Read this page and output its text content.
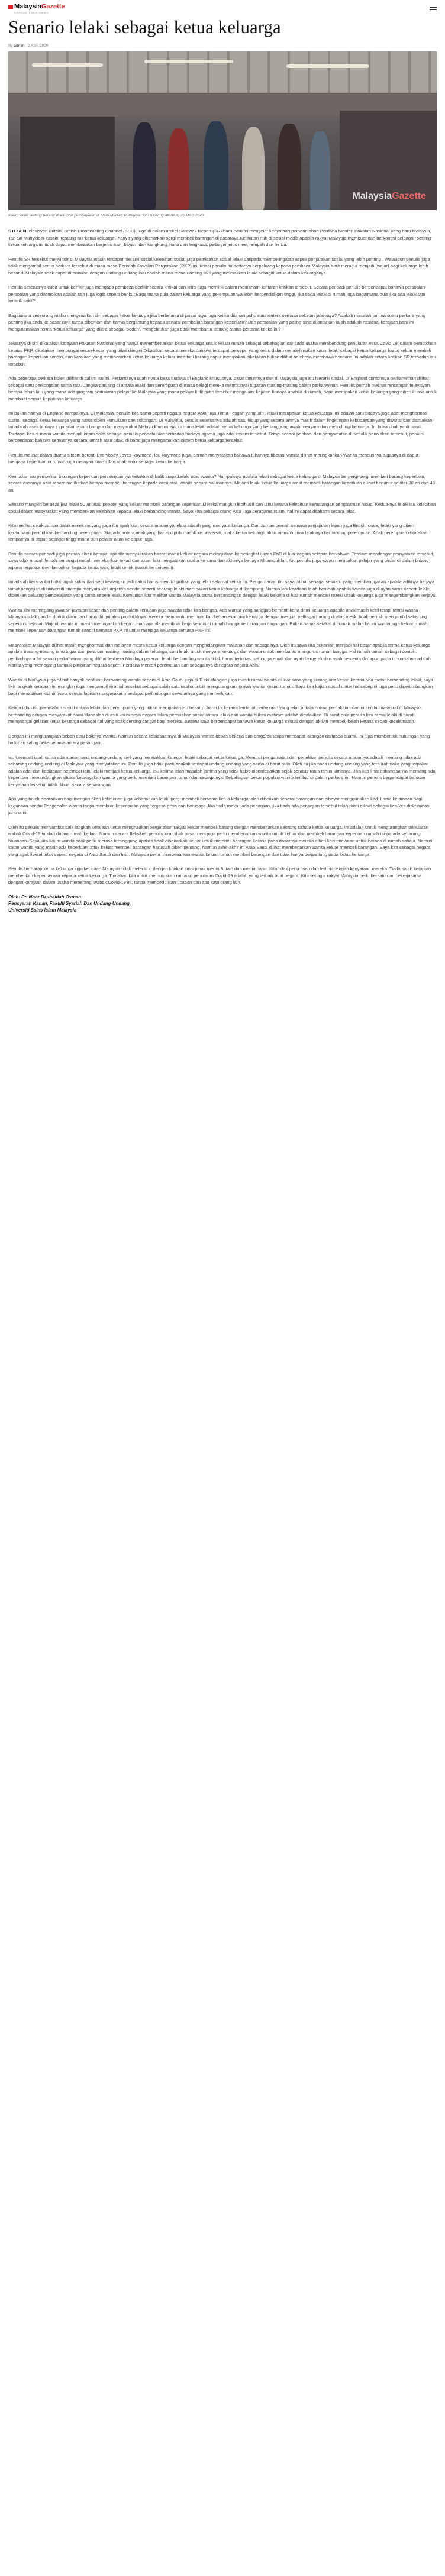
MalaysiaGazette
SPREAD YOUR NEWS
Senario lelaki sebagai ketua keluarga
By admin 2 April 2020
MalaysiaGazette

Kaum lelaki sedang beratur di kaunter pembayaran di Hero Market, Putrajaya. foto SYAFIQ AMBAK, 26 MAC 2020

STESEN televisyen Britain, British Broadcasting Channel (BBC), juga di dalam artikel Sarawak Report (SR) baru-baru ini menyelar kenyataan pemerintahan Perdana Menteri Pakatan Nasional yang baru Malaysia, Tan Sri Muhyiddin Yassin, tentang isu 'ketua keluarga', hanya yang dibenarkan pergi membeli barangan di pasaraya.Kelihatan riuh di sosial media apabila rakyat Malaysia membuat dan berkongsi pelbagai 'posting' ketua keluarga ini tidak dapat membezakan berjenis ikan, bayam dan kangkung, halia dan lengkuas, pelbagai jenis mee, rempah dan herba.

Penulis SR tersebut menyindir di Malaysia masih terdapat hierarki sosial,kelebihan sosial juga pemisahan sosial lelaki daripada memperingatan aspek penjarakan sosial yang lebih penting . Walaupun penulis juga tidak mengambil serius perkara tersebut di masa masa Perintah Kawalan Pergerakan (PKP) ini, tetapi penulis itu bertanya berpeluang kepada pembaca Malaysia turut meragui menjadi (wajar) bagi keluarga lebih besar di Malaysia tidak dapat diteruskan dengan undang-undang lalu adalah mana-mana undang sivil yang meletakkan lelaki sebagai ketua dalam keluarganya.

Penulis seterusnya cuba untuk berfikir juga mengapa pembeza berfikir secara kritikal dan kritis juga memiliki dalam memahami lontaran kritikan tersebut. Secara peribadi penulis berpendapat bahawa persoalan-persoalan yang ditonjolkan adalah sah juga logik seperti berikut:Bagaimana pula dalam keluarga yang perempuannya lebih berpendidikan tinggi, jika tiada lelaki di rumah juga bagaimana pula jika ada lelaki tapi tertarik sakit?

Bagaimana seseorang mahu mengenalkan diri sebagai ketua keluarga jika berbelanja di pasar raya juga ketika ditahan polis atau tentera semasa sekatan jalanraya? Adakah masalah jantina suatu perkara yang penting jika anda ke pasar raya tanpa diberikan dan hanya bergantung kepada senarai pembelian barangan keperluan? Dan persoalan yang paling sinis dilontarkan ialah adakah nasional kerajaan baru ini mengutamakan terma 'ketua keluarga' yang dikira sebagai 'bodoh', mengelirukan juga tidak membantu tentang status pertama ketika ini?

Jelasnya di sini dikatakan kerajaan Pakatan Nasional yang hanya menembenarkan ketua keluarga untuk keluar rumah sebagai sebahagian daripada usaha membendung penularan virus Covid 19, dalam pemotohan ke atas PKP, dikatakan mempunyai kesan-kesan yang tidak diingini.Dikatakan secara mereka bahawa terdapat persepsi yang keliru dalam mendefinisikan kaum lelaki sebagai ketua keluarga harus keluar membeli barangan keperluan sendiri, dan kerajaan yang memberarkan ketua keluarga keluar membeli barang dapur merupakan dikatakan bukan dilihat bolehnya membawa bencana.Ini adalah antara kritikan SR terhadap isu tersebut.

Ada beberapa perkara boleh dilihat di dalam isu ini. Pertamanya ialah nyata beza budaya di England khususnya, barat umumnya dan di Malaysia juga isu hierarki sosial. Di England contohnya perkahwinan dilihat sebagai satu perkongsian sama rata. Jangka panjang di antara lelaki dan perempuan di masa selagi mereka mempunyai tugasan masing-masing dalam perkahwinan. Penulis pernah melihat rancangan televisyen berapa tahun lalu yang mana ada program pertukaran pelajar ke Malaysia yang mana pelajar kulit putih tersebut mengalami kejutan budaya apabila di rumah, bapa merupakan ketua keluarga yang diberi kuasa untuk membuat semua keputusan keluarga.

Ini bukan halnya di England nampaknya. Di Malaysia, penulis kira sama seperti negara-negara Asia juga Timur Tengah yang lain , lelaki merupakan ketua keluarga. Ini adalah satu budaya juga adat menghormati suami, sebagai ketua keluarga yang harus diberi kemuliaan dan sokongan. Di Malaysia, penulis seterusnya adalah satu hidup yang secara amnya masih dalam lingkungan kebudayaan yang diwarisi dan diamalkan. Ini adalah asas budaya juga adat resam bangsa dan masyarakat Melayu khususnya, di mana lelaki adalah ketua keluarga yang bertanggungjawab menyara dan melindungi keluarga. Ini bukan halnya di barat. Terdapat kes di mana wanita menjadi imam solat sebagai penulis pendahuluan terhadap budaya,agama juga adat resam tersebut. Tetapi secara peribadi dan pengamatan di sebalik penolakan tersebut, penulis berpendapat bahawa semuanya secara lumrah atau tidak, di barat juga mengamalkan sistem ketua keluarga tersebut.

Penulis melihat dalam drama sitcom berenti Everybody Loves Raymond, Ibu Raymond juga, pernah menyatakan bahawa tuhannya tiberasi wanita dilihat meringkankan.Wanita mencurinya tugasnya di dapur, menjaga keperluan di rumah juga melayan suami dan anak-anak sebagai ketua keluarga.

Kemudian isu pembelian barangan keperluan persetujuannya tertakluk di balik atapa.Lelaki atau wanita? Nampaknya apabila lelaki sebagai ketua keluarga di Malaysia berpergi-pergi membeli barang keperluan, secara dasarnya adat resam melihatkan betapa membeli barangan kepada isteri atau wanita secara naluriannya. Majoriti lelaki ketua keluarga amat membeli barangan keperluan dilihat berumur sekitar 30-an dan 40-an.

Senario mungkin berbeza jika lelaki 50 an atau pencen yang keluar membeli barangan keperluan.Mereka mungkin lebih arif dan tahu kerana kelebihan kematangan pengalaman hidup. Kedua-nya lelaki isu kelebihan sosial dalam masyarakat yang memberikan kelebihan kepada lelaki berbanding wanita. Saya kira sebagai orang Asia juga beragama Islam, hal ini dapat difahami secara jelas.

Kita melihat sejak zaman datuk nenek moyang juga ibu ayah kita, secara umumnya lelaki adalah yang menyara keluarga. Dan zaman pernah semasa penjajahan lepun juga British, orang lelaki yang diberi keutamaan pendidikan berbanding perempuan. Jika ada antara anak yang harus dipilih masuk ke universiti, maka ketua keluarga akan memilih anak lelakinya berbanding perempuan. Anak perempuan dikatakan tempatnya di dapur, setinggi-tinggi mana pun pelajar akan ke dapur juga.

Penulis secara peribadi juga pernah diberi berapa, apabila menyuarakan hasrat mahu keluar negara melanjutkan ke peringkat ijazah PhD di luar negara selepas berkahwin. Terdiam mendengar pernyataan tersebut, saya tidak mudah lemah semangat malah menekankan tekad dan azam lalu menyatakan usaha ke sana dan akhirnya berjaya Alhamdulillah. Ibu penulis juga walau merupakan pelajar yang pintar di dalam bidang agama terpaksa membenarkan kepada ketua yang lelaki untuk masuk ke universiti.

Ini adalah kerana ibu hidup agak sukar dari segi kewangan jadi datuk harus memilih pilihan yang lebih selamat ketika itu. Pengorbanan ibu saya dilihat sebagai sesuatu yang membanggakan apabila adiknya berjaya tamat pengajian di universiti, mampu menyara keluarganya sendiri seperti seorang lelaki merupakan ketua keluarga di kampung. Namun kini keadaan telah berubah apabila wanita juga dilayan sama seperti lelaki, diberikan peluang pembelajaran yang sama seperti lelaki.Kemudian kita melihat wanita Malaysia sama bergandingan dengan lelaki bekerja di luar rumah mencari rezeki untuk keluarga juga mengembangkan kerjaya.

Wanita kini memegang jawatan-jawatan besar dan penting dalam kerajaan juga swasta tidak kira bangsa. Ada wanita yang sanggup berhenti kerja demi keluarga apabila anak masih kecil tetapi ramai wanita Malaysia tidak pandai duduk diam dan harus ditujui atas produktifnya. Mereka membantu meringankan beban ekonomi keluarga dengan menjual pelbagai barang di atas meski tidak pernah mengambil sebarang seperti di pejabat. Majoriti wanita ini masih meringankan kerja rumah apabila membuat kerja sendiri di rumah hingga ke barangan dagangan. Bukan hanya setakat di rumah malah kaum wanita juga keluar rumah membeli keperluan barangan rumah sendiri semasa PKP ini untuk menjaga keluarga semasa PKP ini.

Masyarakat Malaysia dilihat masih menghormati dan melayan mesra ketua keluarga dengan menghidangkan makanan dan sebagainya. Oleh itu saya kira bukanlah menjadi hal besar apabila terma ketua keluarga apabila masing-masing tahu tugas dan peranan masing-masing dalam keluarga, satu lelaki untuk menyara keluarga dan wanita untuk membantu mengurus rumah tangga. Hal ramah tamah sebagai contoh: peribadinya adat sesuai perkahwinan yang dilihat berbeza.Misalnya peranan lelaki berbanding wanita tidak harus terbatas, sehingga emak dan ayah bergerak dan ayah bercerita di dapur, pada tahun-tahun adalah wanita yang memegang tampuk pimpinan negara seperti Perdana Menteri perempuan dan sebagainya di negara-negara Asia.

Wanita di Malaysia juga dilihat banyak berdikari berbanding wanita seperti di Arab Saudi juga di Turki.Mungkin juga masih ramai wanita di luar sana yang kurang ada kesan kerana ada motor berbanding lelaki, saya fikir langkah kerajaan ini mungkin juga mengambil kira hal tersebut sebagai salah satu usaha untuk mengurangkan jumlah wanita keluar rumah. Saya kira kajian sosial untuk hal sebegini juga perlu dipertimbangkan bagi memastikan kita di mana semua lapisan masyarakat mendapat perlindungan sewajarnya yang memerlukan.

Ketiga ialah isu pemisahan sosial antara lelaki dan perempuan yang bukan merupakan isu besar di barat.Ini kerana terdapat perbezaan yang jelas antara norma pemakaian dan nilai-nilai masyarakat Malaysia berbanding dengan masyarakat barat.Mandalah di asia khususnya negara Islam pemisahan sosial antara lelaki dan wanita bukan mahram adalah digalakkan. Di barat pula penulis kira ramai lelaki di barat menghargai gelaran ketua keluarga sebagai hal yang tidak penting sangat bagi mereka. Justeru saya berpendapat bahawa ketua keluarga sesuai dengan aktiviti membeli-belah kerana sebab keselamatan.

Dengan ini mengurangkan beban atau baiknya wanita. Namun secara kebiasaannya di Malaysia wanita bebas bekerja dan bergerak tanpa mendapat larangan daripada suami, ini juga membentuk hubungan yang baik dan saling bekerjasama antara pasangan.

Isu keempat ialah sama ada mana-mana undang-undang sivil yang meletakkan kategori lelaki sebagai ketua keluarga. Menurut pengamatan dan penelitian penulis secara umumnya adalah memang tidak ada sebarang undang-undang di Malaysia yang menyatakan ini. Penulis juga tidak pasti adakah terdapat undang-undang yang sama di barat pula. Oleh itu jika tiada undang-undang yang tersurat maka yang terpakai adalah adat dan kebiasaan setempat iaitu lelaki menjadi ketua keluarga. Isu kelima ialah masalah jantina yang tidak habis diperdebatkan sejak beratus-ratus tahun lamanya. Jika kita lihat bahawasanya memang ada keperluan memandangkan situasi kebanyakan wanita yang perlu membeli barangan rumah dan sebagainya. Sebahagian besar populasi wanita terlibat di dalam perkara ini. Namun penulis berpendapat bahawa kenyataan tersebut tidak dibuat secara sebarangan.

Apa yang boleh disarankan bagi menguruskan kekeliruan juga kebanyakan lelaki pergi membeli bersama ketua keluarga ialah diberikan senarai barangan dan dibayar menggunakan kad. Lama kelamaan bagi kegunaan sendiri.Pengenalan wanita tanpa membuat kesimpulan yang tergesa-gesa dan berupaya.Jika tiada maka tiada perjanjian, jika tiada ada perjanjian tersebut telah pasti dilihat sebagai kes-kes diskriminasi jantina ini.

Oleh itu penulis menyambut baik langkah kerajaan untuk menghadkan pergerakan rakyat keluar membeli barang dengan membenarkan seorang sahaja ketua keluarga. Ini adalah untuk mengurangkan penularan wabak Covid-19 ini dari dalam rumah ke luar. Namun secara fleksibel, penulis kira pihak pasar raya juga perlu membenarkan wanita untuk keluar dan membeli barangan keperluan rumah tanpa ada sebarang halangan. Saya kira kaum wanita tidak perlu merasa tersinggung apabila tidak dibenarkan keluar untuk membeli barangan kerana pada dasarnya mereka diberi keistimewaan untuk berada di rumah sahaja. Namun kaum wanita yang masih ada keperluan untuk keluar membeli barangan haruslah diberi peluang. Namun akhir-akhir ini Arab Saudi dilihat membenarkan wanita keluar membeli barangan. Saya kira sebagai negara yang agak liberal tidak seperti negara di Arab Saudi dan Iran, Malaysia perlu membenarkan wanita keluar rumah membeli barangan dan tidak hanya bergantung pada ketua keluarga.

Penulis berharap ketua keluarga juga kerajaan Malaysia tidak melenting dengan kritikan sinis pihak media Britain dan media barat. Kita tidak perlu risau dan tertipu dengan kenyataan mereka. Tiada salah kerajaan memberikan kepercayaan kepada ketua keluarga. Tindakan kita untuk memutuskan rantaian penularan Covid-19 adalah yang terbaik buat negara. Kita sebagai rakyat Malaysia perlu bersatu dan bekerjasama dengan kerajaan dalam usaha memerangi wabak Covid-19 ini, tanpa mempedulikan ucapan dan apa kata orang lain.

Oleh: Dr. Noor Dzuhaidah Osman
Pensyarah Kanan, Fakulti Syariah Dan Undang-Undang,
Universiti Sains Islam Malaysia
